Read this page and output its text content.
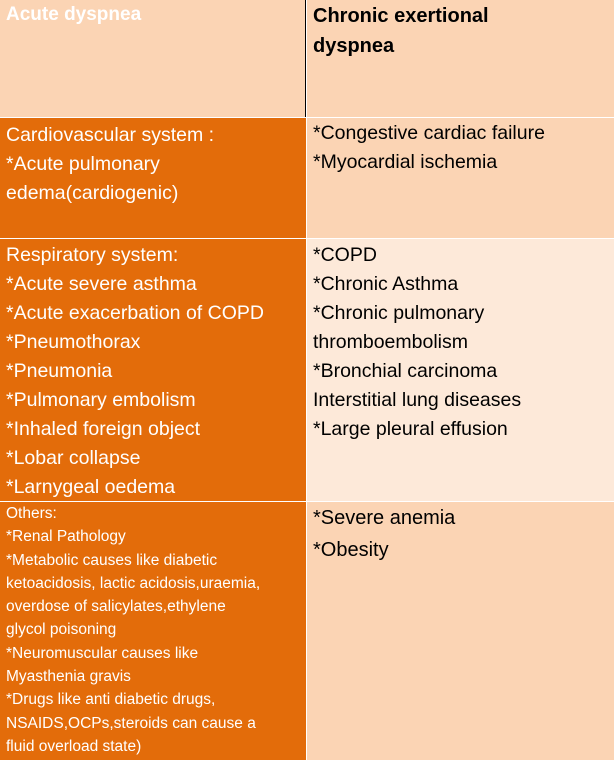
Acute dyspnea	Chronic exertional
dyspnea
Cardiovascular system :
*Acute pulmonary
edema(cardiogenic)
*Congestive cardiac failure
*Myocardial ischemia
Respiratory system:
*Acute severe asthma
*Acute exacerbation of COPD
*Pneumothorax
*Pneumonia
*Pulmonary embolism
*Inhaled foreign object
*Lobar collapse
*Larnygeal oedema
*COPD
*Chronic Asthma
*Chronic pulmonary
thromboembolism
*Bronchial carcinoma
Interstitial lung diseases
*Large pleural effusion
Others:
*Renal Pathology
*Metabolic causes like diabetic
ketoacidosis, lactic acidosis,uraemia,
overdose of salicylates,ethylene
glycol poisoning
*Neuromuscular causes like
Myasthenia gravis
*Drugs like anti diabetic drugs,
NSAIDS,OCPs,steroids can cause a
fluid overload state)
*Severe anemia
*Obesity
